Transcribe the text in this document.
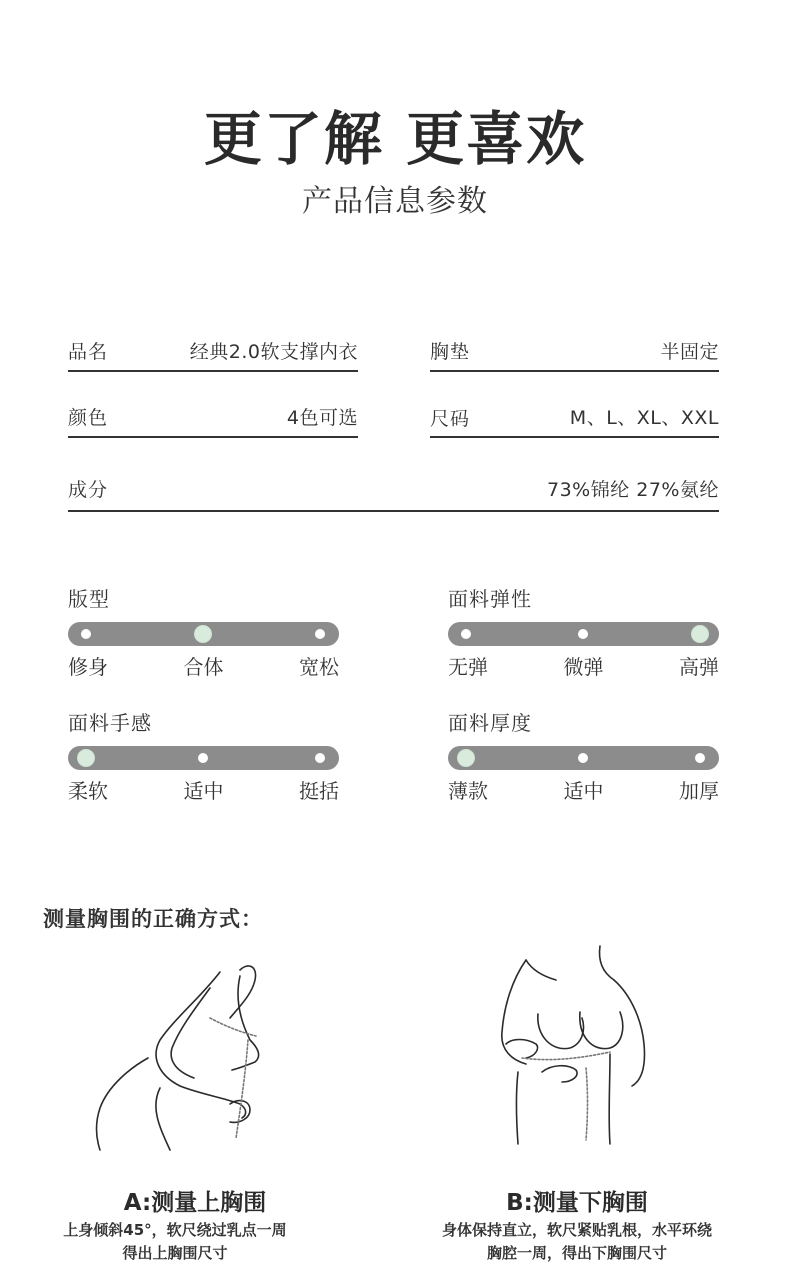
更了解 更喜欢
产品信息参数
品名	经典2.0软支撑内衣	胸垫	半固定
颜色	4色可选	尺码	M、L、XL、XXL
成分	73%锦纶 27%氨纶
版型
修身	合体	宽松
面料弹性
无弹	微弹	高弹
面料手感
柔软	适中	挺括
面料厚度
薄款	适中	加厚
测量胸围的正确方式：
A:测量上胸围
上身倾斜45°，软尺绕过乳点一周
得出上胸围尺寸
B:测量下胸围
身体保持直立，软尺紧贴乳根，水平环绕
胸腔一周，得出下胸围尺寸
